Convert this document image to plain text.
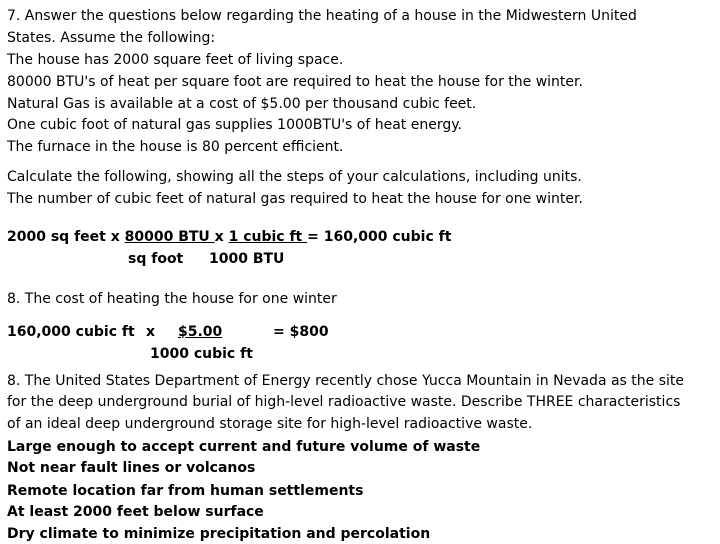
7. Answer the questions below regarding the heating of a house in the Midwestern United

States. Assume the following:

The house has 2000 square feet of living space.

80000 BTU's of heat per square foot are required to heat the house for the winter.

Natural Gas is available at a cost of $5.00 per thousand cubic feet.

One cubic foot of natural gas supplies 1000BTU's of heat energy.

The furnace in the house is 80 percent efficient.

Calculate the following, showing all the steps of your calculations, including units.

The number of cubic feet of natural gas required to heat the house for one winter.

2000 sq feet x 80000 BTU x 1 cubic ft = 160,000 cubic ft

sq foot 1000 BTU

8. The cost of heating the house for one winter

160,000 cubic ft x $5.00	= $800
1000 cubic ft

8. The United States Department of Energy recently chose Yucca Mountain in Nevada as the site

for the deep underground burial of high-level radioactive waste. Describe THREE characteristics

of an ideal deep underground storage site for high-level radioactive waste.

Large enough to accept current and future volume of waste

Not near fault lines or volcanos

Remote location far from human settlements

At least 2000 feet below surface

Dry climate to minimize precipitation and percolation
